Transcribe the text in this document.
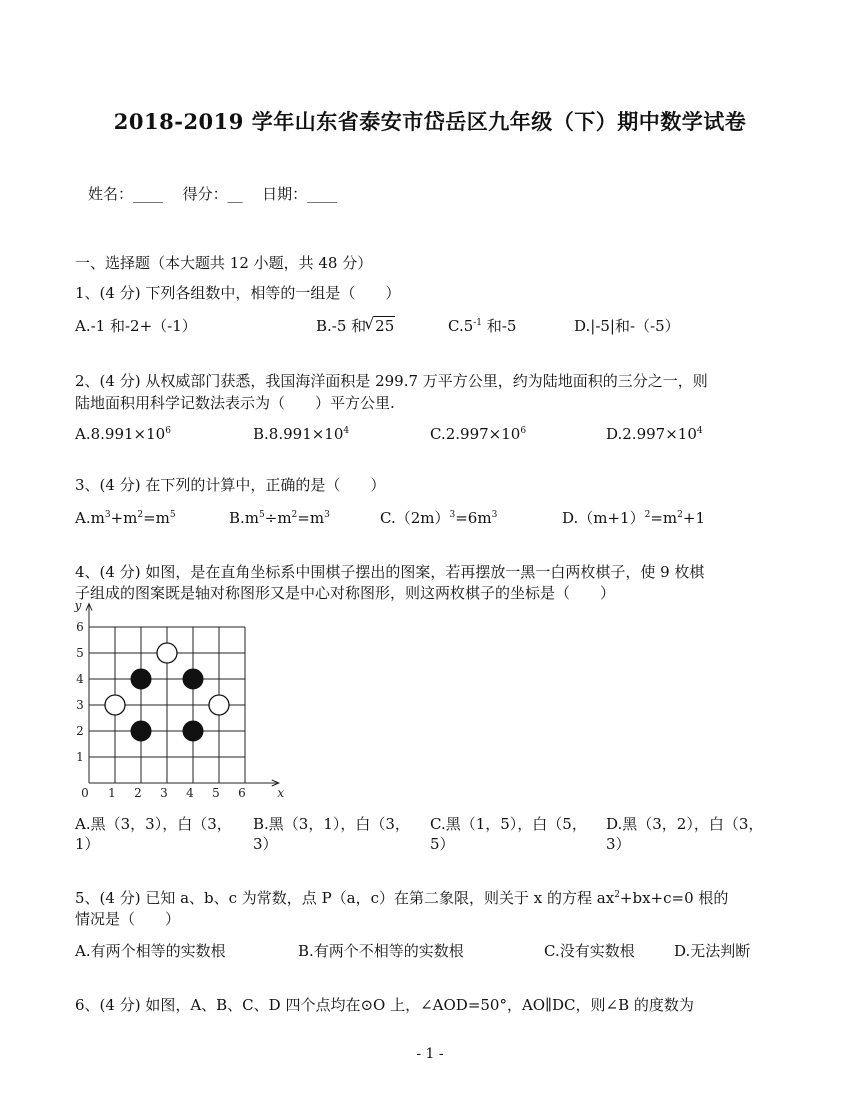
2018-2019 学年山东省泰安市岱岳区九年级（下）期中数学试卷
姓名：____ 得分：__ 日期：____
一、选择题（本大题共 12 小题，共 48 分）
1、(4 分) 下列各组数中，相等的一组是（　　）
A.-1 和-2+（-1）	B.-5 和
√ 25	$C.5^{-1}$ 和-5	D.|-5|和-（-5）
2、(4 分) 从权威部门获悉，我国海洋面积是 299.7 万平方公里，约为陆地面积的三分之一，则
陆地面积用科学记数法表示为（　　）平方公里.
$A.8.991\times 10^6$	$B.8.991\times 10^4$	$C.2.997\times 10^6$	$D.2.997\times 10^4$
3、(4 分) 在下列的计算中，正确的是（　　）
$A.m^3+m^2=m^5$	$B.m^5\div m^2=m^3$	$C.(2m)^3=6m^3$	$D.(m+1)^2=m^2+1$
4、(4 分) 如图，是在直角坐标系中围棋子摆出的图案，若再摆放一黑一白两枚棋子，使 9 枚棋
子组成的图案既是轴对称图形又是中心对称图形，则这两枚棋子的坐标是（　　）
0 1 2 3 4 5 6
1
2
3
4
5
6
x
y
A.黑（3，3），白（3，
1）
B.黑（3，1），白（3，
3）
C.黑（1，5），白（5，
5）
D.黑（3，2），白（3，
3）
5、(4 分) 已知 a、b、c 为常数，点 P（a，c）在第二象限，则关于 x 的方程 $ax^2+bx+c=0$ 根的
情况是（　　）
A.有两个相等的实数根	B.有两个不相等的实数根	C.没有实数根	D.无法判断
6、(4 分) 如图，A、B、C、D 四个点均在⊙O 上，∠AOD=50°，AO∥DC，则∠B 的度数为
- 1 -
